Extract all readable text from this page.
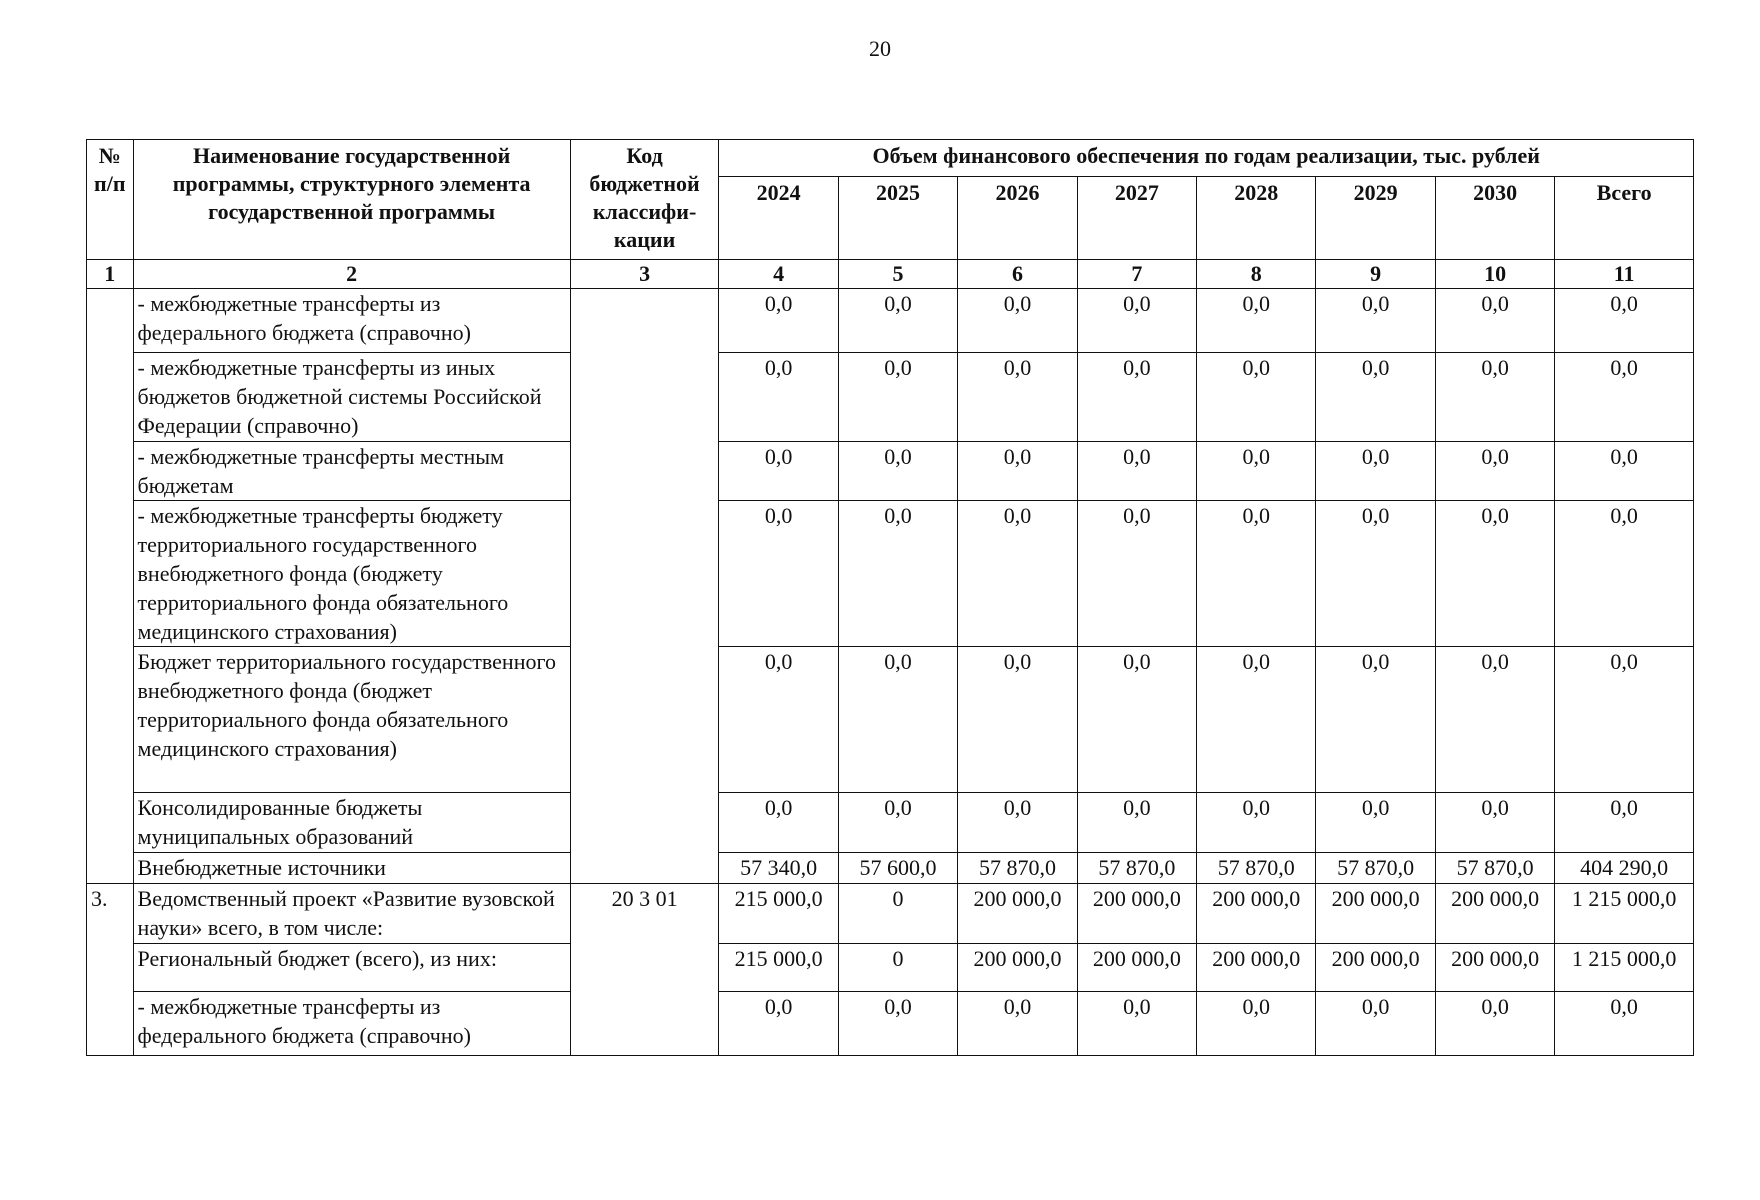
20
№ п/п	Наименование государственной программы, структурного элемента государственной программы	Код бюджетной классифи-кации	Объем финансового обеспечения по годам реализации, тыс. рублей							
			2024	2025	2026	2027	2028	2029	2030	Всего
1	2	3	4	5	6	7	8	9	10	11
	- межбюджетные трансферты из федерального бюджета (справочно)		0,0	0,0	0,0	0,0	0,0	0,0	0,0	0,0
	- межбюджетные трансферты из иных бюджетов бюджетной системы Российской Федерации (справочно)		0,0	0,0	0,0	0,0	0,0	0,0	0,0	0,0
	- межбюджетные трансферты местным бюджетам		0,0	0,0	0,0	0,0	0,0	0,0	0,0	0,0
	- межбюджетные трансферты бюджету территориального государственного внебюджетного фонда (бюджету территориального фонда обязательного медицинского страхования)		0,0	0,0	0,0	0,0	0,0	0,0	0,0	0,0
	Бюджет территориального государственного внебюджетного фонда (бюджет территориального фонда обязательного медицинского страхования)		0,0	0,0	0,0	0,0	0,0	0,0	0,0	0,0
	Консолидированные бюджеты муниципальных образований		0,0	0,0	0,0	0,0	0,0	0,0	0,0	0,0
	Внебюджетные источники		57 340,0	57 600,0	57 870,0	57 870,0	57 870,0	57 870,0	57 870,0	404 290,0
3.	Ведомственный проект «Развитие вузовской науки» всего, в том числе:	20 3 01	215 000,0	0	200 000,0	200 000,0	200 000,0	200 000,0	200 000,0	1 215 000,0
	Региональный бюджет (всего), из них:		215 000,0	0	200 000,0	200 000,0	200 000,0	200 000,0	200 000,0	1 215 000,0
	- межбюджетные трансферты из федерального бюджета (справочно)		0,0	0,0	0,0	0,0	0,0	0,0	0,0	0,0
